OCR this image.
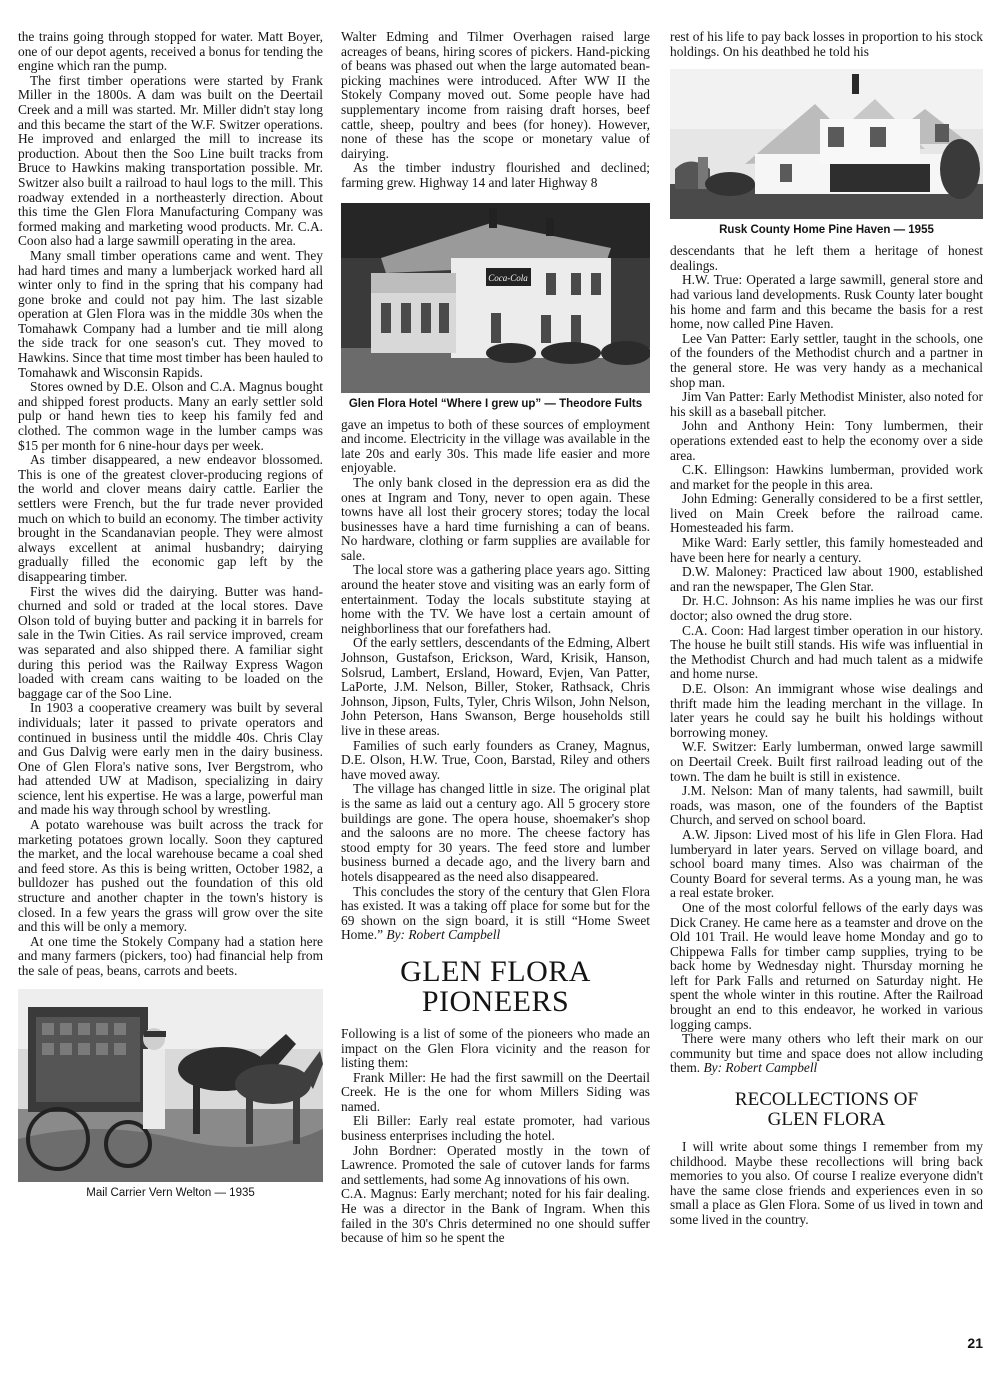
the trains going through stopped for water. Matt Boyer, one of our depot agents, received a bonus for tending the engine which ran the pump.

The first timber operations were started by Frank Miller in the 1800s. A dam was built on the Deertail Creek and a mill was started. Mr. Miller didn't stay long and this became the start of the W.F. Switzer operations. He improved and enlarged the mill to increase its production. About then the Soo Line built tracks from Bruce to Hawkins making transportation possible. Mr. Switzer also built a railroad to haul logs to the mill. This roadway extended in a northeasterly direction. About this time the Glen Flora Manufacturing Company was formed making and marketing wood products. Mr. C.A. Coon also had a large sawmill operating in the area.

Many small timber operations came and went. They had hard times and many a lumberjack worked hard all winter only to find in the spring that his company had gone broke and could not pay him. The last sizable operation at Glen Flora was in the middle 30s when the Tomahawk Company had a lumber and tie mill along the side track for one season's cut. They moved to Hawkins. Since that time most timber has been hauled to Tomahawk and Wisconsin Rapids.

Stores owned by D.E. Olson and C.A. Magnus bought and shipped forest products. Many an early settler sold pulp or hand hewn ties to keep his family fed and clothed. The common wage in the lumber camps was $15 per month for 6 nine-hour days per week.

As timber disappeared, a new endeavor blossomed. This is one of the greatest clover-producing regions of the world and clover means dairy cattle. Earlier the settlers were French, but the fur trade never provided much on which to build an economy. The timber activity brought in the Scandanavian people. They were almost always excellent at animal husbandry; dairying gradually filled the economic gap left by the disappearing timber.

First the wives did the dairying. Butter was hand-churned and sold or traded at the local stores. Dave Olson told of buying butter and packing it in barrels for sale in the Twin Cities. As rail service improved, cream was separated and also shipped there. A familiar sight during this period was the Railway Express Wagon loaded with cream cans waiting to be loaded on the baggage car of the Soo Line.

In 1903 a cooperative creamery was built by several individuals; later it passed to private operators and continued in business until the middle 40s. Chris Clay and Gus Dalvig were early men in the dairy business. One of Glen Flora's native sons, Iver Bergstrom, who had attended UW at Madison, specializing in dairy science, lent his expertise. He was a large, powerful man and made his way through school by wrestling.

A potato warehouse was built across the track for marketing potatoes grown locally. Soon they captured the market, and the local warehouse became a coal shed and feed store. As this is being written, October 1982, a bulldozer has pushed out the foundation of this old structure and another chapter in the town's history is closed. In a few years the grass will grow over the site and this will be only a memory.

At one time the Stokely Company had a station here and many farmers (pickers, too) had financial help from the sale of peas, beans, carrots and beets.

Mail Carrier Vern Welton — 1935

Walter Edming and Tilmer Overhagen raised large acreages of beans, hiring scores of pickers. Hand-picking of beans was phased out when the large automated bean-picking machines were introduced. After WW II the Stokely Company moved out. Some people have had supplementary income from raising draft horses, beef cattle, sheep, poultry and bees (for honey). However, none of these has the scope or monetary value of dairying.

As the timber industry flourished and declined; farming grew. Highway 14 and later Highway 8

Coca-Cola
Glen Flora Hotel “Where I grew up” — Theodore Fults

gave an impetus to both of these sources of employment and income. Electricity in the village was available in the late 20s and early 30s. This made life easier and more enjoyable.

The only bank closed in the depression era as did the ones at Ingram and Tony, never to open again. These towns have all lost their grocery stores; today the local businesses have a hard time furnishing a can of beans. No hardware, clothing or farm supplies are available for sale.

The local store was a gathering place years ago. Sitting around the heater stove and visiting was an early form of entertainment. Today the locals substitute staying at home with the TV. We have lost a certain amount of neighborliness that our forefathers had.

Of the early settlers, descendants of the Edming, Albert Johnson, Gustafson, Erickson, Ward, Krisik, Hanson, Solsrud, Lambert, Ersland, Howard, Evjen, Van Patter, LaPorte, J.M. Nelson, Biller, Stoker, Rathsack, Chris Johnson, Jipson, Fults, Tyler, Chris Wilson, John Nelson, John Peterson, Hans Swanson, Berge households still live in these areas.

Families of such early founders as Craney, Magnus, D.E. Olson, H.W. True, Coon, Barstad, Riley and others have moved away.

The village has changed little in size. The original plat is the same as laid out a century ago. All 5 grocery store buildings are gone. The opera house, shoemaker's shop and the saloons are no more. The cheese factory has stood empty for 30 years. The feed store and lumber business burned a decade ago, and the livery barn and hotels disappeared as the need also disappeared.

This concludes the story of the century that Glen Flora has existed. It was a taking off place for some but for the 69 shown on the sign board, it is still “Home Sweet Home.” By: Robert Campbell

GLEN FLORA
PIONEERS

Following is a list of some of the pioneers who made an impact on the Glen Flora vicinity and the reason for listing them:

Frank Miller: He had the first sawmill on the Deertail Creek. He is the one for whom Millers Siding was named.

Eli Biller: Early real estate promoter, had various business enterprises including the hotel.

John Bordner: Operated mostly in the town of Lawrence. Promoted the sale of cutover lands for farms and settlements, had some Ag innovations of his own.

C.A. Magnus: Early merchant; noted for his fair dealing. He was a director in the Bank of Ingram. When this failed in the 30's Chris determined no one should suffer because of him so he spent the

rest of his life to pay back losses in proportion to his stock holdings. On his deathbed he told his

Rusk County Home Pine Haven — 1955

descendants that he left them a heritage of honest dealings.

H.W. True: Operated a large sawmill, general store and had various land developments. Rusk County later bought his home and farm and this became the basis for a rest home, now called Pine Haven.

Lee Van Patter: Early settler, taught in the schools, one of the founders of the Methodist church and a partner in the general store. He was very handy as a mechanical shop man.

Jim Van Patter: Early Methodist Minister, also noted for his skill as a baseball pitcher.

John and Anthony Hein: Tony lumbermen, their operations extended east to help the economy over a side area.

C.K. Ellingson: Hawkins lumberman, provided work and market for the people in this area.

John Edming: Generally considered to be a first settler, lived on Main Creek before the railroad came. Homesteaded his farm.

Mike Ward: Early settler, this family homesteaded and have been here for nearly a century.

D.W. Maloney: Practiced law about 1900, established and ran the newspaper, The Glen Star.

Dr. H.C. Johnson: As his name implies he was our first doctor; also owned the drug store.

C.A. Coon: Had largest timber operation in our history. The house he built still stands. His wife was influential in the Methodist Church and had much talent as a midwife and home nurse.

D.E. Olson: An immigrant whose wise dealings and thrift made him the leading merchant in the village. In later years he could say he built his holdings without borrowing money.

W.F. Switzer: Early lumberman, onwed large sawmill on Deertail Creek. Built first railroad leading out of the town. The dam he built is still in existence.

J.M. Nelson: Man of many talents, had sawmill, built roads, was mason, one of the founders of the Baptist Church, and served on school board.

A.W. Jipson: Lived most of his life in Glen Flora. Had lumberyard in later years. Served on village board, and school board many times. Also was chairman of the County Board for several terms. As a young man, he was a real estate broker.

One of the most colorful fellows of the early days was Dick Craney. He came here as a teamster and drove on the Old 101 Trail. He would leave home Monday and go to Chippewa Falls for timber camp supplies, trying to be back home by Wednesday night. Thursday morning he left for Park Falls and returned on Saturday night. He spent the whole winter in this routine. After the Railroad brought an end to this endeavor, he worked in various logging camps.

There were many others who left their mark on our community but time and space does not allow including them. By: Robert Campbell

RECOLLECTIONS OF
GLEN FLORA

I will write about some things I remember from my childhood. Maybe these recollections will bring back memories to you also. Of course I realize everyone didn't have the same close friends and experiences even in so small a place as Glen Flora. Some of us lived in town and some lived in the country.

21
